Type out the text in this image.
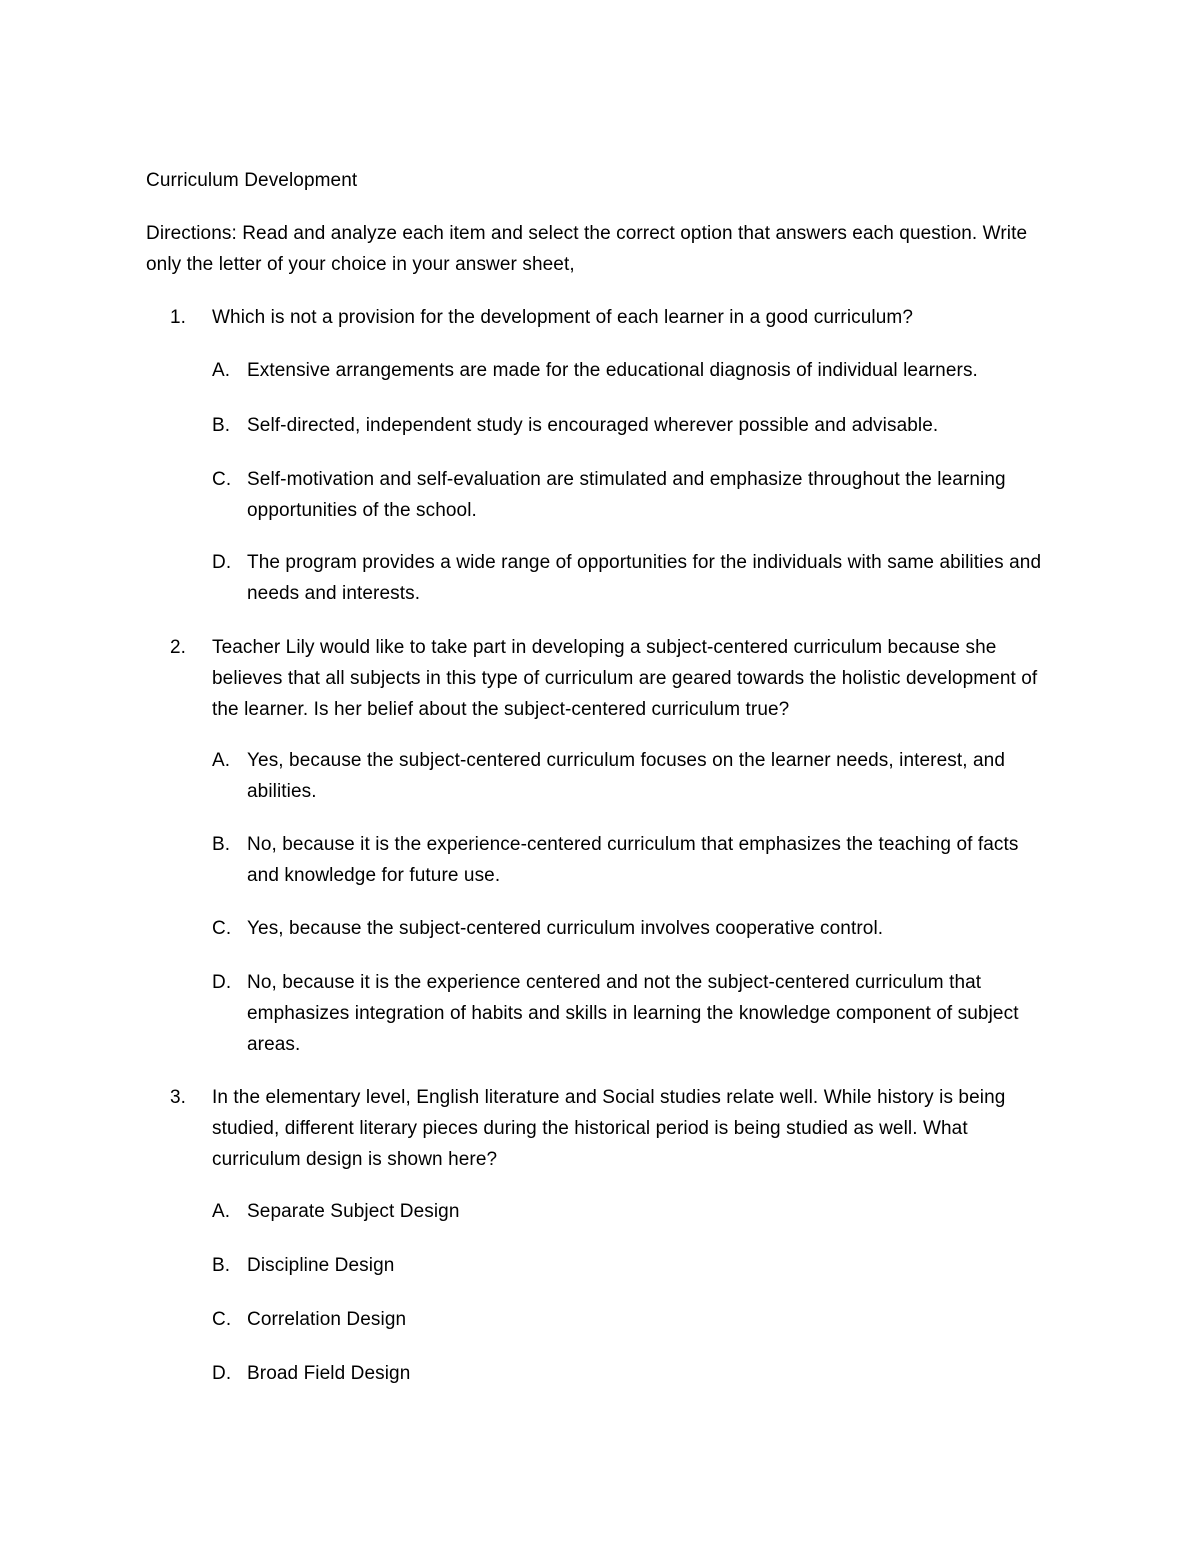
Curriculum Development

Directions: Read and analyze each item and select the correct option that answers each question. Write only the letter of your choice in your answer sheet,

1.	Which is not a provision for the development of each learner in a good curriculum?
A. Extensive arrangements are made for the educational diagnosis of individual learners.
B. Self-directed, independent study is encouraged wherever possible and advisable.
C. Self-motivation and self-evaluation are stimulated and emphasize throughout the learning opportunities of the school.
D. The program provides a wide range of opportunities for the individuals with same abilities and needs and interests.
2.	Teacher Lily would like to take part in developing a subject-centered curriculum because she believes that all subjects in this type of curriculum are geared towards the holistic development of the learner. Is her belief about the subject-centered curriculum true?
A. Yes, because the subject-centered curriculum focuses on the learner needs, interest, and abilities.
B. No, because it is the experience-centered curriculum that emphasizes the teaching of facts and knowledge for future use.
C. Yes, because the subject-centered curriculum involves cooperative control.
D. No, because it is the experience centered and not the subject-centered curriculum that emphasizes integration of habits and skills in learning the knowledge component of subject areas.
3.	In the elementary level, English literature and Social studies relate well. While history is being studied, different literary pieces during the historical period is being studied as well. What curriculum design is shown here?
A. Separate Subject Design
B. Discipline Design
C. Correlation Design
D. Broad Field Design
